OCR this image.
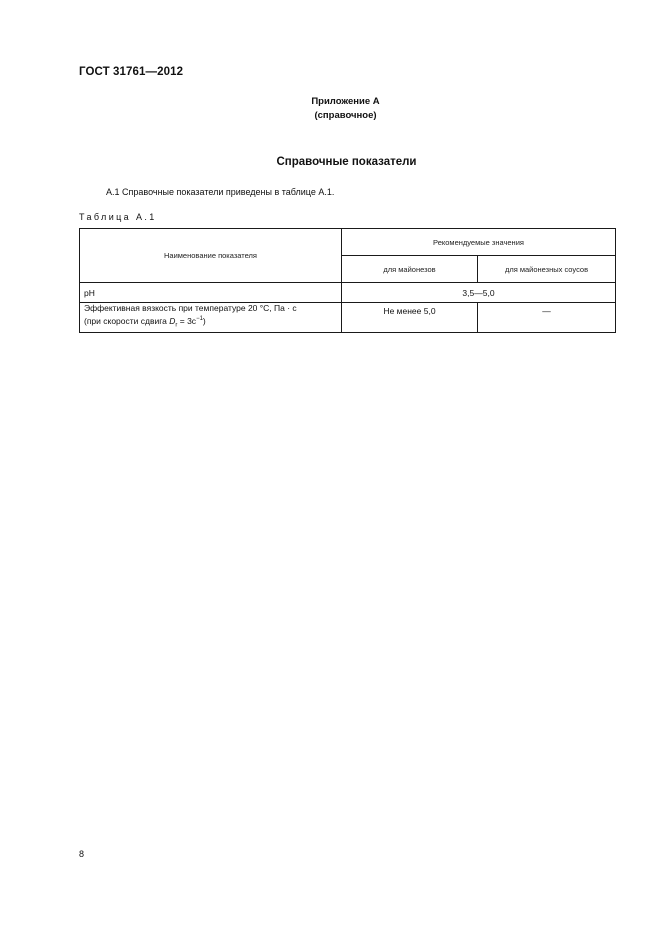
ГОСТ 31761—2012
Приложение А
(справочное)
Справочные показатели
А.1 Справочные показатели приведены в таблице А.1.
Таблица А.1
Наименование показателя	Рекомендуемые значения	
	для майонезов	для майонезных соусов
pH	3,5—5,0	
Эффективная вязкость при температуре 20 °С, Па · с
(при скорости сдвига $D_r = 3с^{-1}$)	Не менее 5,0	—
8
